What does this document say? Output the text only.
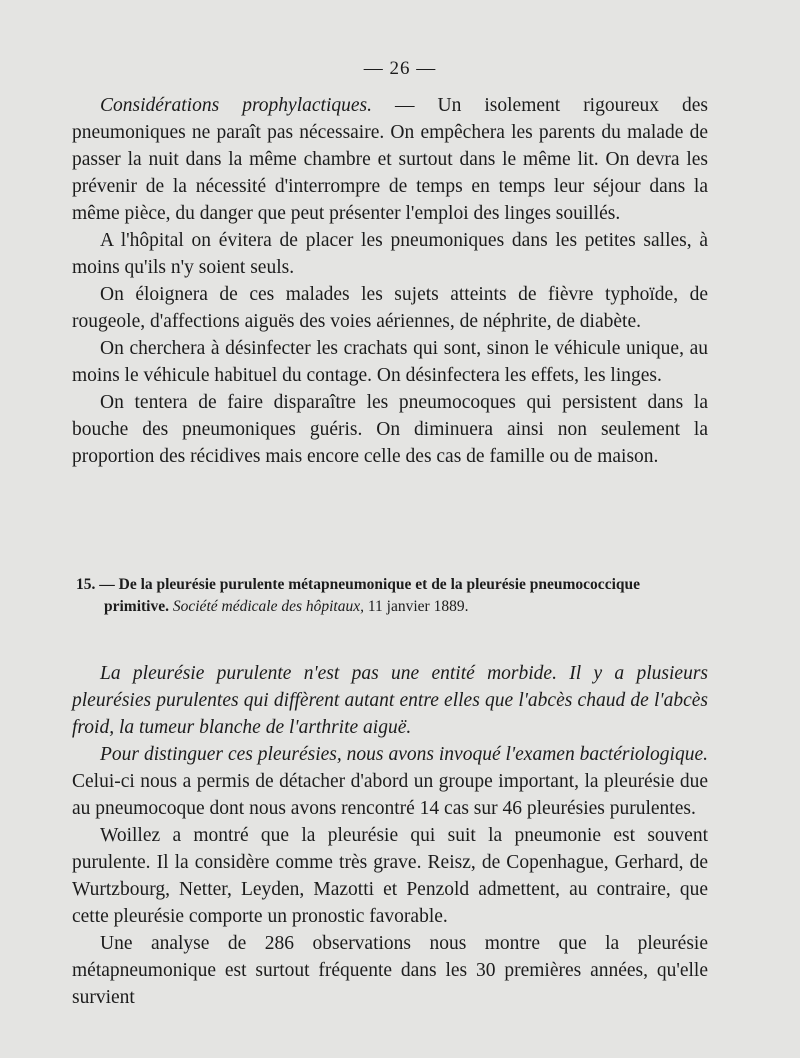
— 26 —

Considérations prophylactiques. — Un isolement rigoureux des pneumoniques ne paraît pas nécessaire. On empêchera les parents du malade de passer la nuit dans la même chambre et surtout dans le même lit. On devra les prévenir de la nécessité d'interrompre de temps en temps leur séjour dans la même pièce, du danger que peut présenter l'emploi des linges souillés.

A l'hôpital on évitera de placer les pneumoniques dans les petites salles, à moins qu'ils n'y soient seuls.

On éloignera de ces malades les sujets atteints de fièvre typhoïde, de rougeole, d'affections aiguës des voies aériennes, de néphrite, de diabète.

On cherchera à désinfecter les crachats qui sont, sinon le véhicule unique, au moins le véhicule habituel du contage. On désinfectera les effets, les linges.

On tentera de faire disparaître les pneumocoques qui persistent dans la bouche des pneumoniques guéris. On diminuera ainsi non seulement la proportion des récidives mais encore celle des cas de famille ou de maison.

15. — De la pleurésie purulente métapneumonique et de la pleurésie pneumococcique
primitive. Société médicale des hôpitaux, 11 janvier 1889.

La pleurésie purulente n'est pas une entité morbide. Il y a plusieurs pleurésies purulentes qui diffèrent autant entre elles que l'abcès chaud de l'abcès froid, la tumeur blanche de l'arthrite aiguë.

Pour distinguer ces pleurésies, nous avons invoqué l'examen bactériologique. Celui-ci nous a permis de détacher d'abord un groupe important, la pleurésie due au pneumocoque dont nous avons rencontré 14 cas sur 46 pleurésies purulentes.

Woillez a montré que la pleurésie qui suit la pneumonie est souvent purulente. Il la considère comme très grave. Reisz, de Copenhague, Gerhard, de Wurtzbourg, Netter, Leyden, Mazotti et Penzold admettent, au contraire, que cette pleurésie comporte un pronostic favorable.

Une analyse de 286 observations nous montre que la pleurésie métapneumonique est surtout fréquente dans les 30 premières années, qu'elle survient
